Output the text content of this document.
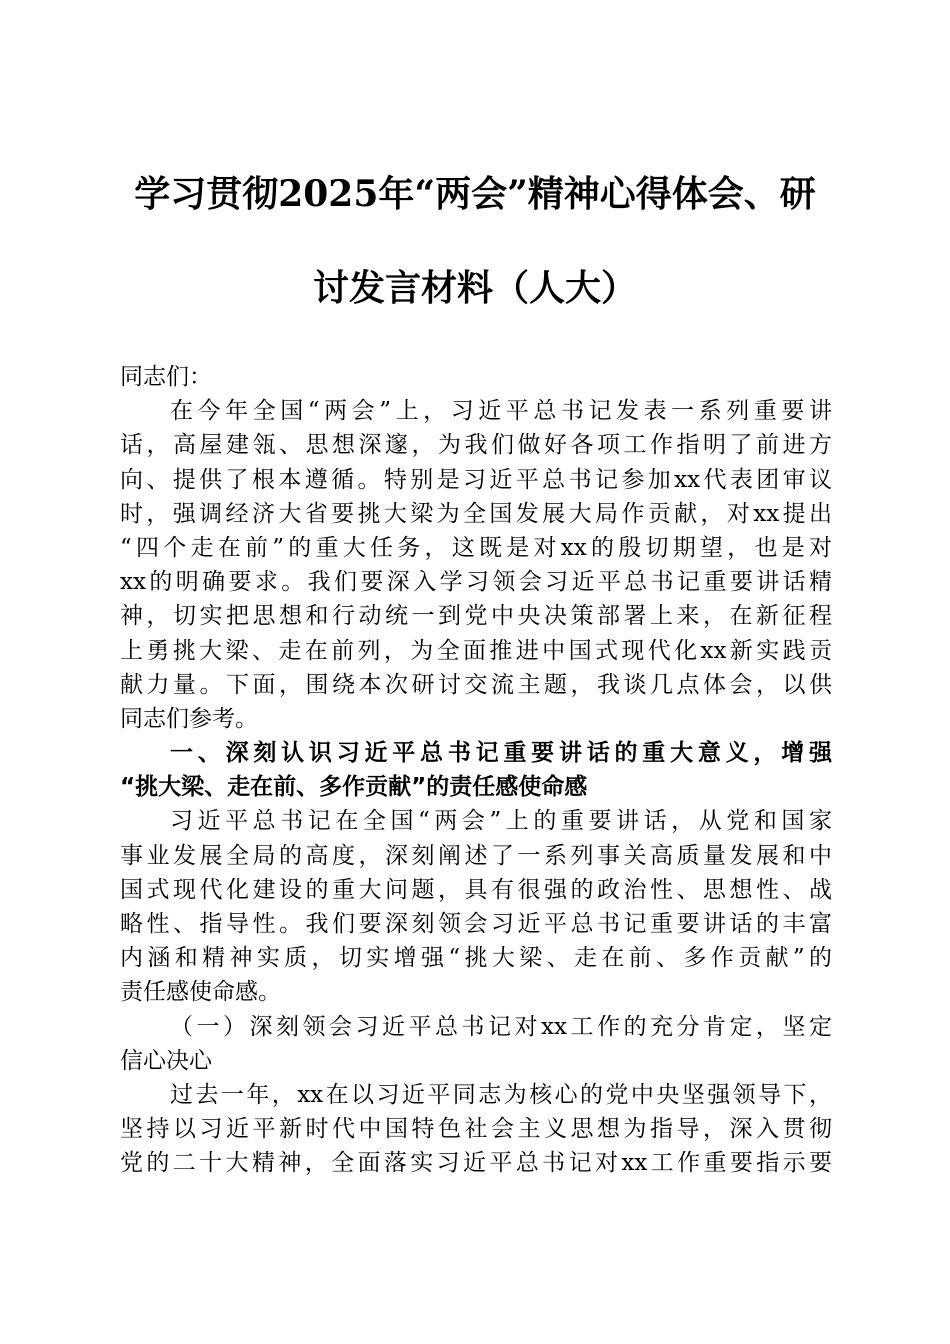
学习贯彻2025年“两会”精神心得体会、研
讨发言材料（人大）
同志们：
在今年全国“两会”上，习近平总书记发表一系列重要讲
话，高屋建瓴、思想深邃，为我们做好各项工作指明了前进方
向、提供了根本遵循。特别是习近平总书记参加xx代表团审议
时，强调经济大省要挑大梁为全国发展大局作贡献，对xx提出
“四个走在前”的重大任务，这既是对xx的殷切期望，也是对
xx的明确要求。我们要深入学习领会习近平总书记重要讲话精
神，切实把思想和行动统一到党中央决策部署上来，在新征程
上勇挑大梁、走在前列，为全面推进中国式现代化xx新实践贡
献力量。下面，围绕本次研讨交流主题，我谈几点体会，以供
同志们参考。
一、深刻认识习近平总书记重要讲话的重大意义，增强
“挑大梁、走在前、多作贡献”的责任感使命感
习近平总书记在全国“两会”上的重要讲话，从党和国家
事业发展全局的高度，深刻阐述了一系列事关高质量发展和中
国式现代化建设的重大问题，具有很强的政治性、思想性、战
略性、指导性。我们要深刻领会习近平总书记重要讲话的丰富
内涵和精神实质，切实增强“挑大梁、走在前、多作贡献”的
责任感使命感。
（一）深刻领会习近平总书记对xx工作的充分肯定，坚定
信心决心
过去一年，xx在以习近平同志为核心的党中央坚强领导下，
坚持以习近平新时代中国特色社会主义思想为指导，深入贯彻
党的二十大精神，全面落实习近平总书记对xx工作重要指示要
